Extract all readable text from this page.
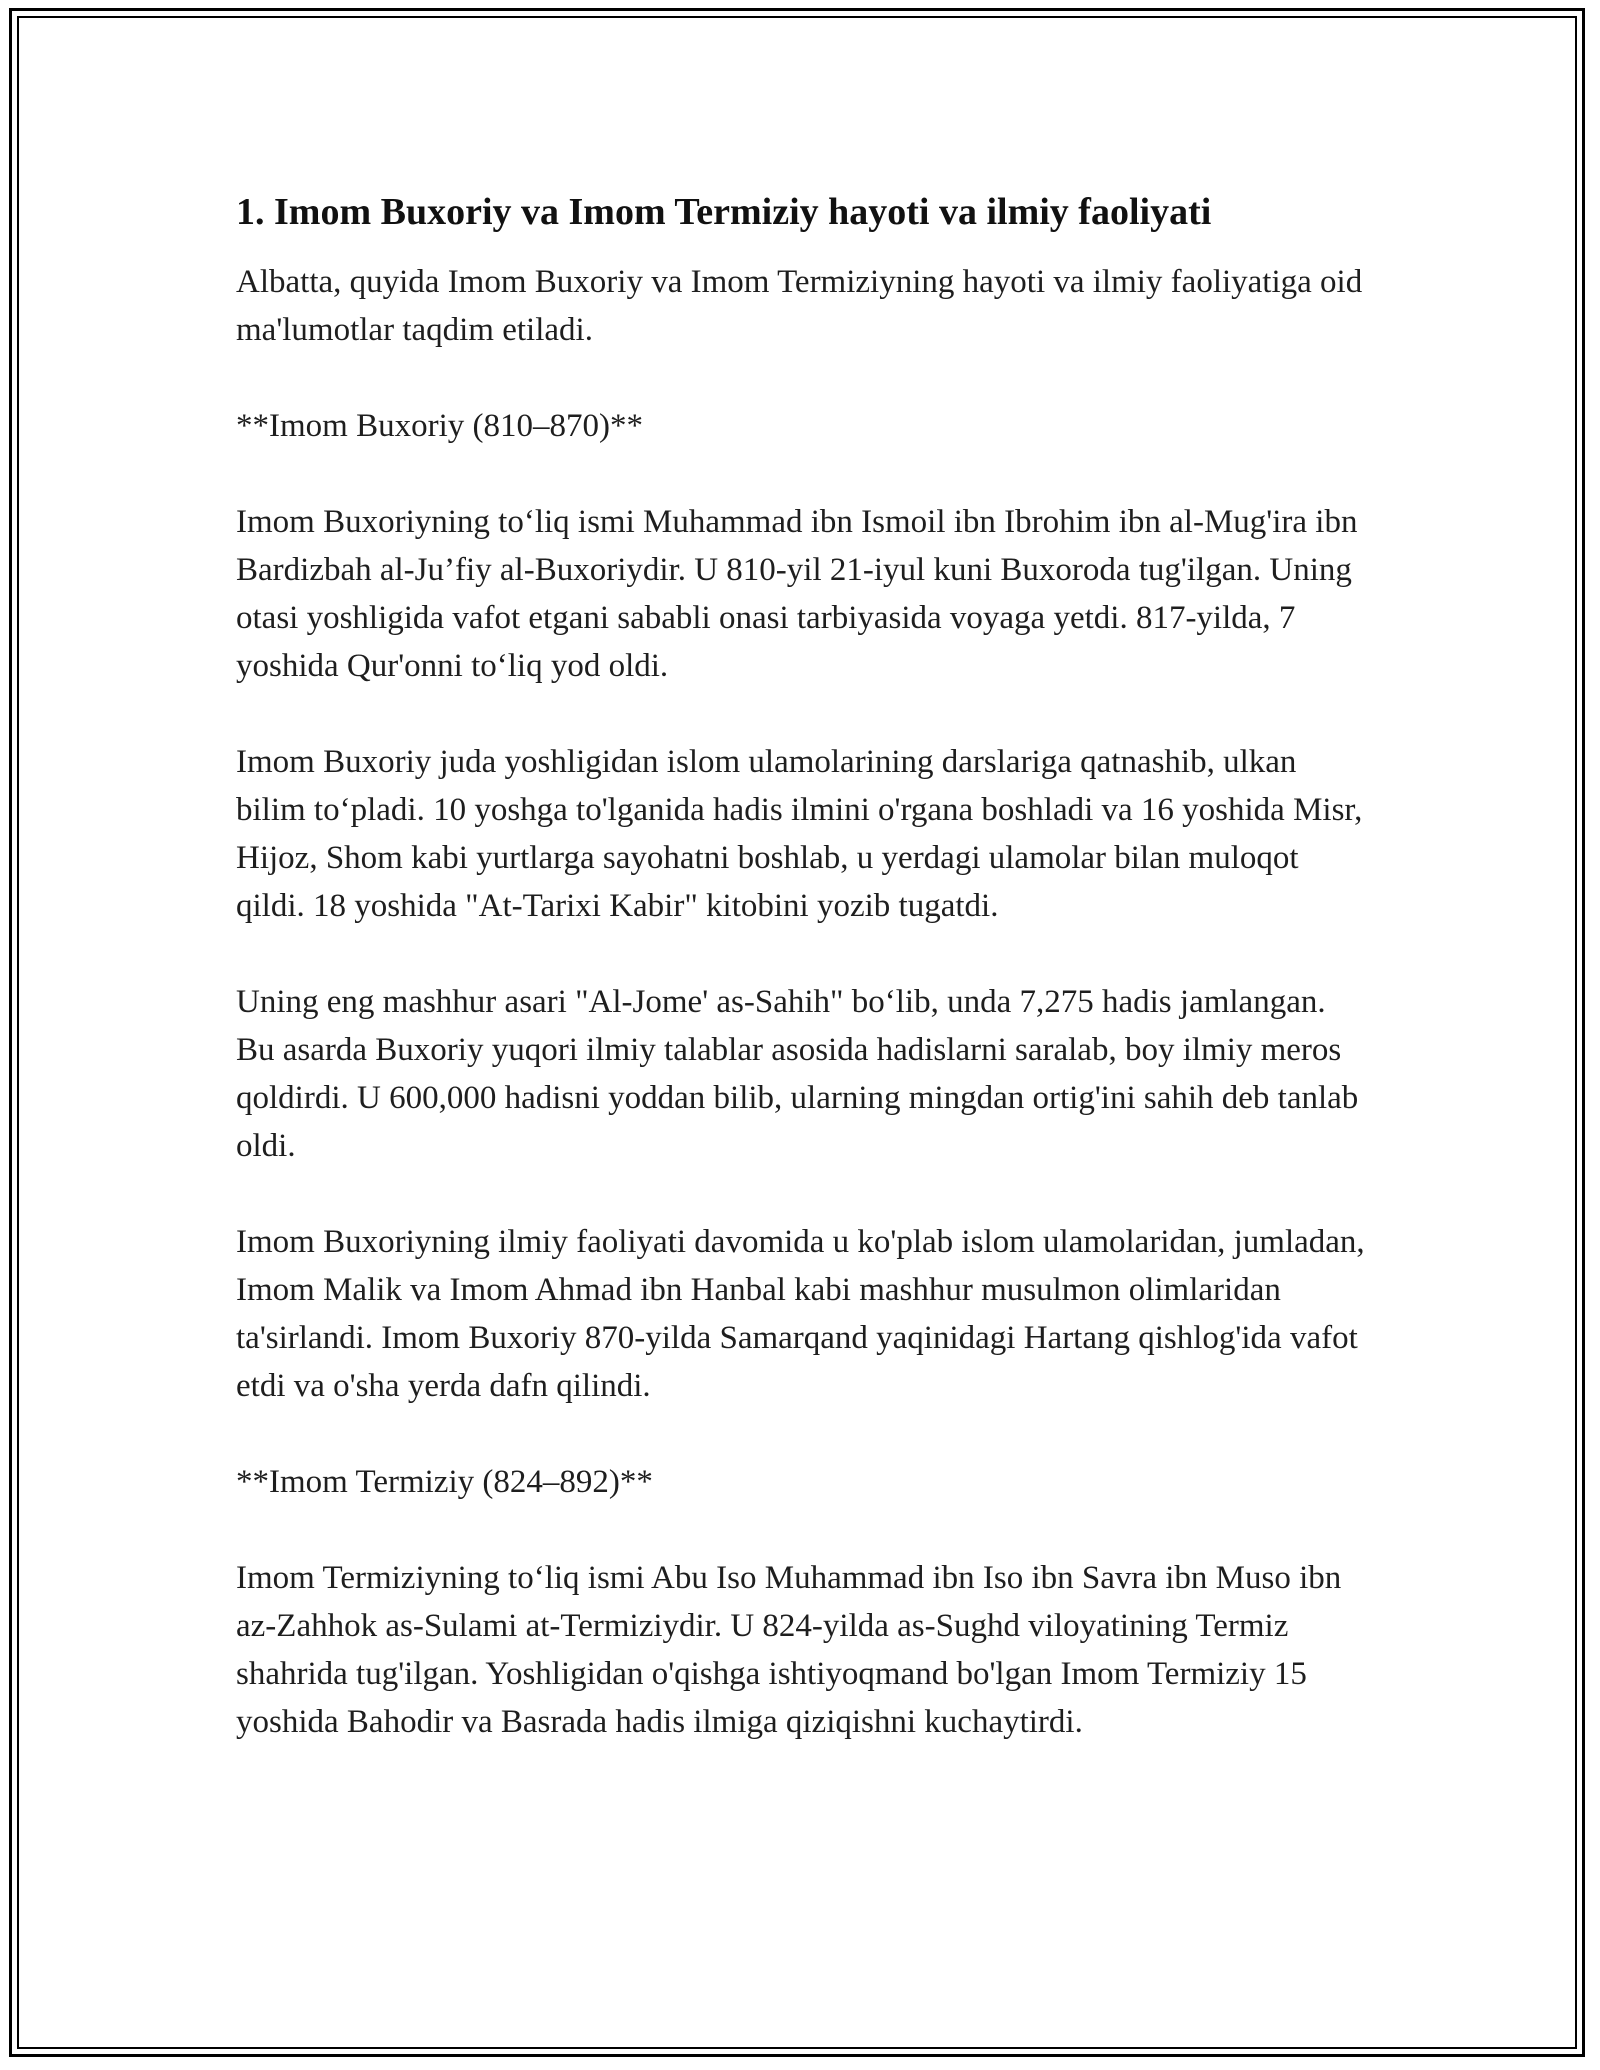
1. Imom Buxoriy va Imom Termiziy hayoti va ilmiy faoliyati

Albatta, quyida Imom Buxoriy va Imom Termiziyning hayoti va ilmiy faoliyatiga oid ma'lumotlar taqdim etiladi.

**Imom Buxoriy (810–870)**

Imom Buxoriyning to‘liq ismi Muhammad ibn Ismoil ibn Ibrohim ibn al-Mug'ira ibn Bardizbah al-Ju’fiy al-Buxoriydir. U 810-yil 21-iyul kuni Buxoroda tug'ilgan. Uning otasi yoshligida vafot etgani sababli onasi tarbiyasida voyaga yetdi. 817-yilda, 7 yoshida Qur'onni to‘liq yod oldi.

Imom Buxoriy juda yoshligidan islom ulamolarining darslariga qatnashib, ulkan bilim to‘pladi. 10 yoshga to'lganida hadis ilmini o'rgana boshladi va 16 yoshida Misr, Hijoz, Shom kabi yurtlarga sayohatni boshlab, u yerdagi ulamolar bilan muloqot qildi. 18 yoshida "At-Tarixi Kabir" kitobini yozib tugatdi.

Uning eng mashhur asari "Al-Jome' as-Sahih" bo‘lib, unda 7,275 hadis jamlangan. Bu asarda Buxoriy yuqori ilmiy talablar asosida hadislarni saralab, boy ilmiy meros qoldirdi. U 600,000 hadisni yoddan bilib, ularning mingdan ortig'ini sahih deb tanlab oldi.

Imom Buxoriyning ilmiy faoliyati davomida u ko'plab islom ulamolaridan, jumladan, Imom Malik va Imom Ahmad ibn Hanbal kabi mashhur musulmon olimlaridan ta'sirlandi. Imom Buxoriy 870-yilda Samarqand yaqinidagi Hartang qishlog'ida vafot etdi va o'sha yerda dafn qilindi.

**Imom Termiziy (824–892)**

Imom Termiziyning to‘liq ismi Abu Iso Muhammad ibn Iso ibn Savra ibn Muso ibn az-Zahhok as-Sulami at-Termiziydir. U 824-yilda as-Sughd viloyatining Termiz shahrida tug'ilgan. Yoshligidan o'qishga ishtiyoqmand bo'lgan Imom Termiziy 15 yoshida Bahodir va Basrada hadis ilmiga qiziqishni kuchaytirdi.
